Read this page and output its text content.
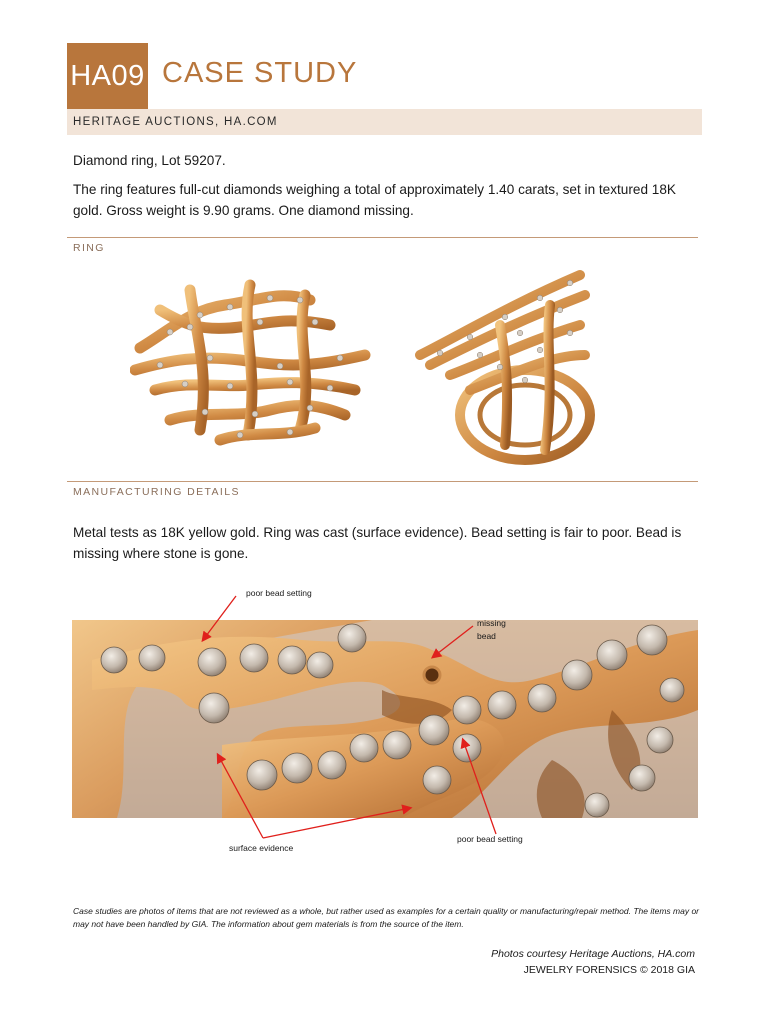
HA09 CASE STUDY
HERITAGE AUCTIONS, HA.COM
Diamond ring, Lot 59207.
The ring features full-cut diamonds weighing a total of approximately 1.40 carats, set in textured 18K gold. Gross weight is 9.90 grams. One diamond missing.
RING
MANUFACTURING DETAILS
Metal tests as 18K yellow gold. Ring was cast (surface evidence). Bead setting is fair to poor. Bead is missing where stone is gone.
poor bead setting
missing
bead
surface evidence
poor bead setting
Case studies are photos of items that are not reviewed as a whole, but rather used as examples for a certain quality or manufacturing/repair method. The items may or may not have been handled by GIA. The information about gem materials is from the source of the item.
Photos courtesy Heritage Auctions, HA.com
JEWELRY FORENSICS © 2018 GIA
